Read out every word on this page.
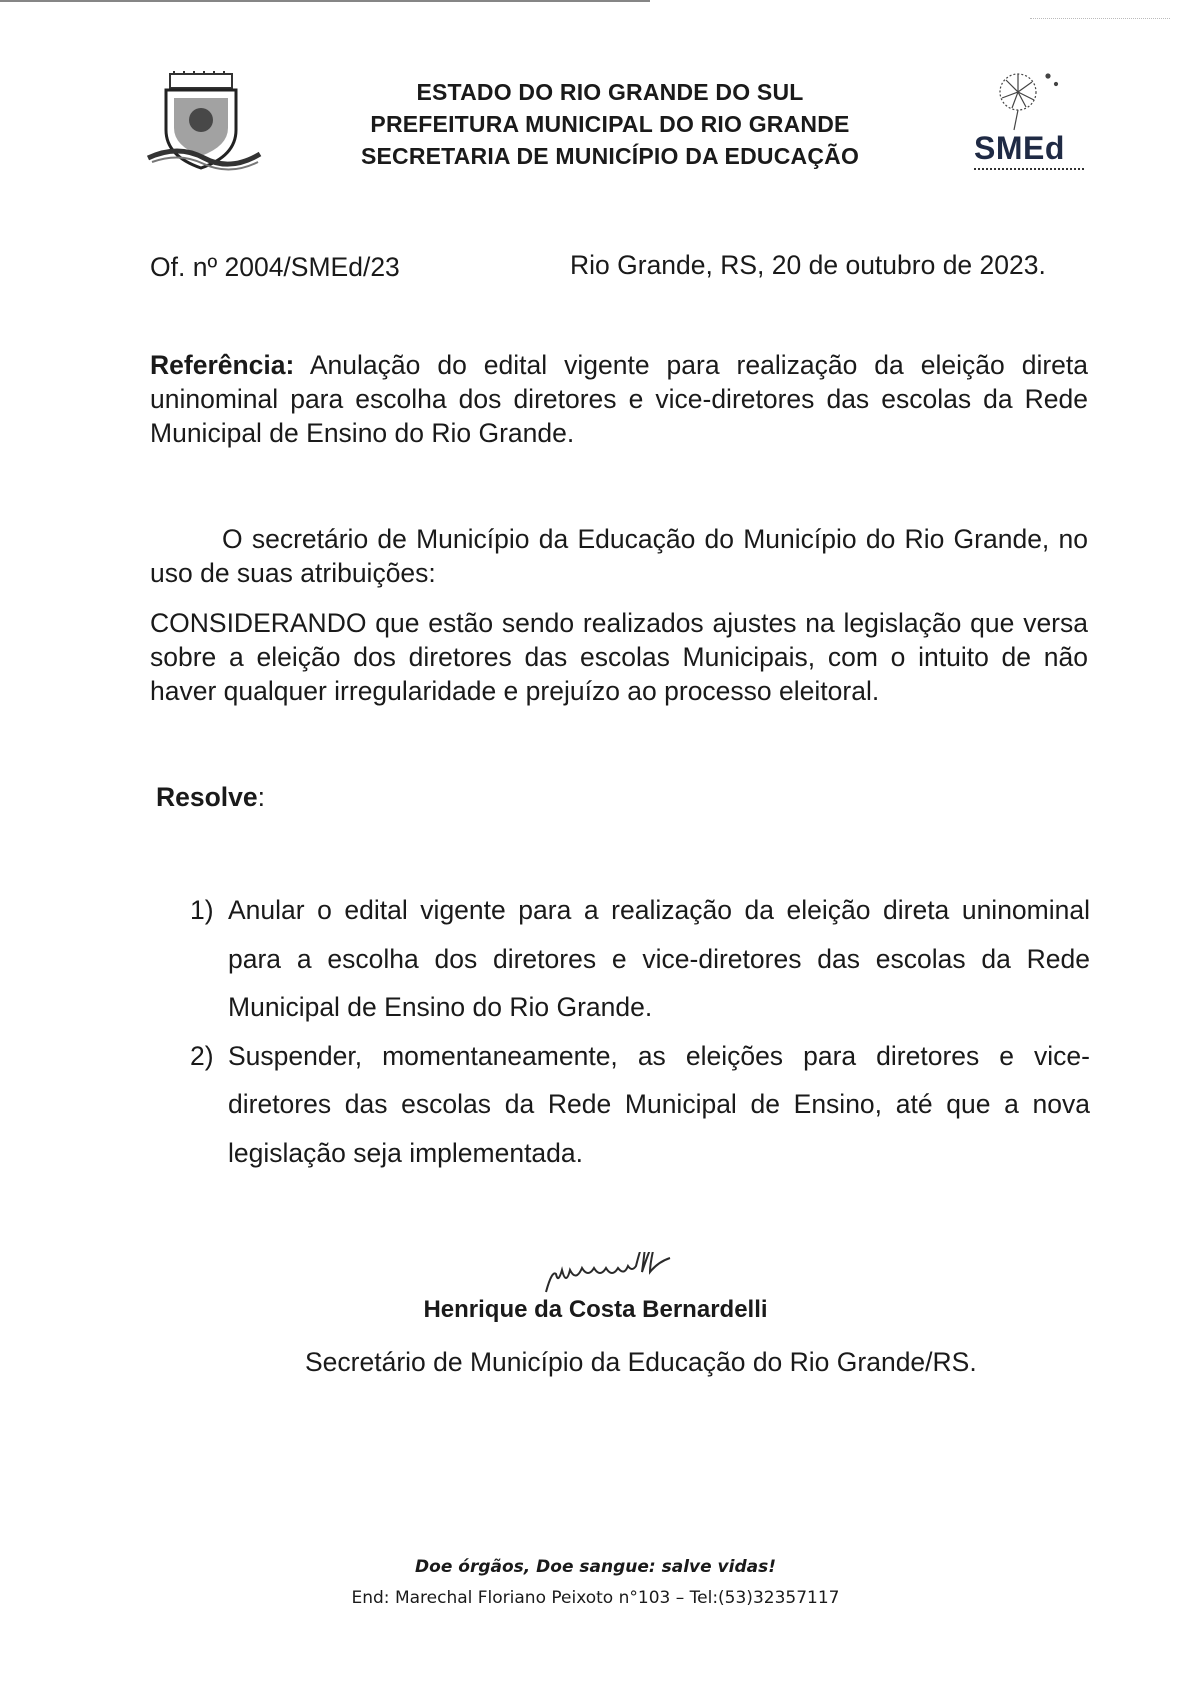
ESTADO DO RIO GRANDE DO SUL
PREFEITURA MUNICIPAL DO RIO GRANDE
SECRETARIA DE MUNICÍPIO DA EDUCAÇÃO	SMEd
Of. nº 2004/SMEd/23	Rio Grande, RS, 20 de outubro de 2023.
Referência: Anulação do edital vigente para realização da eleição direta uninominal para escolha dos diretores e vice-diretores das escolas da Rede Municipal de Ensino do Rio Grande.
O secretário de Município da Educação do Município do Rio Grande, no uso de suas atribuições:
CONSIDERANDO que estão sendo realizados ajustes na legislação que versa sobre a eleição dos diretores das escolas Municipais, com o intuito de não haver qualquer irregularidade e prejuízo ao processo eleitoral.
Resolve:
1) Anular o edital vigente para a realização da eleição direta uninominal para a escolha dos diretores e vice-diretores das escolas da Rede Municipal de Ensino do Rio Grande.
2) Suspender, momentaneamente, as eleições para diretores e vice-diretores das escolas da Rede Municipal de Ensino, até que a nova legislação seja implementada.
Henrique da Costa Bernardelli
Secretário de Município da Educação do Rio Grande/RS.
Doe órgãos, Doe sangue: salve vidas!
End: Marechal Floriano Peixoto n°103 – Tel:(53)32357117
